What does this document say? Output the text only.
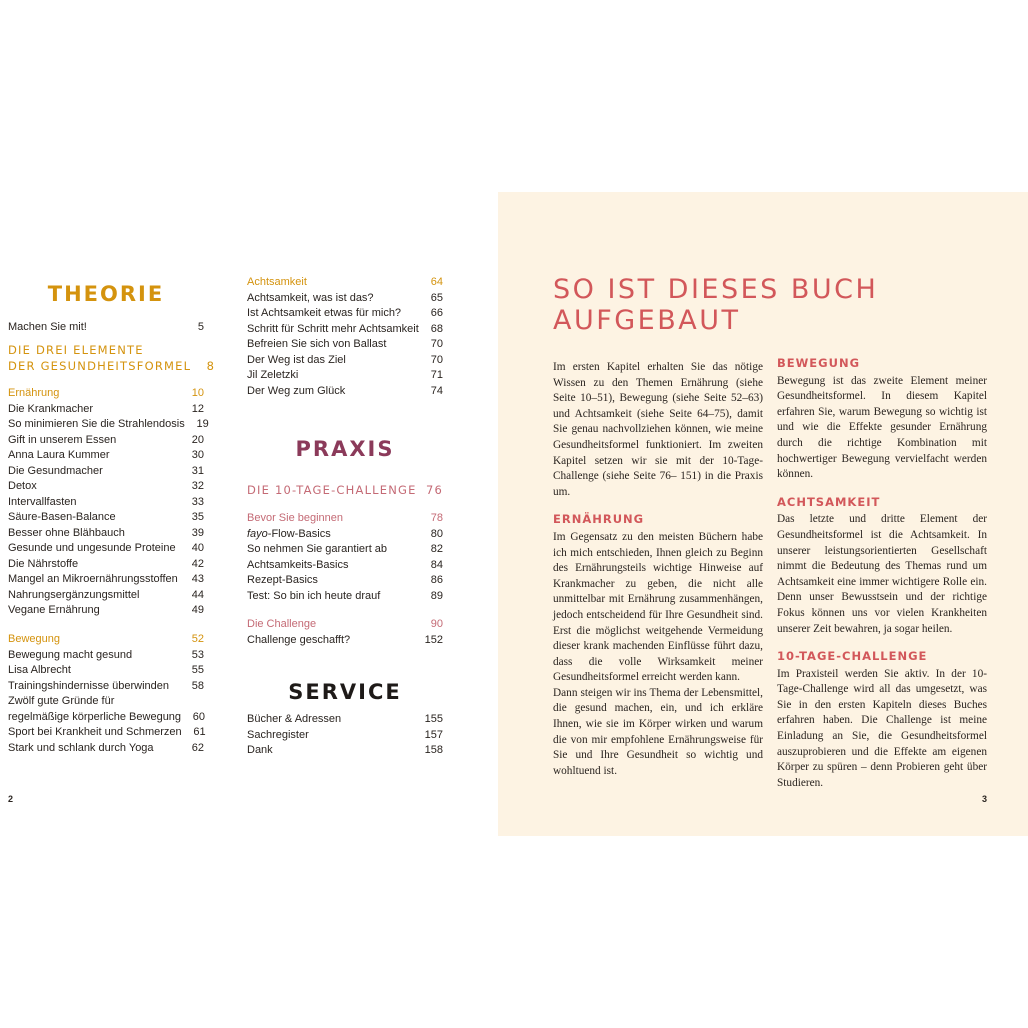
THEORIE
Machen Sie mit!	5
DIE DREI ELEMENTE
DER GESUNDHEITSFORMEL	8
Ernährung	10
Die Krankmacher	12
So minimieren Sie die Strahlendosis	19
Gift in unserem Essen	20
Anna Laura Kummer	30
Die Gesundmacher	31
Detox	32
Intervallfasten	33
Säure-Basen-Balance	35
Besser ohne Blähbauch	39
Gesunde und ungesunde Proteine	40
Die Nährstoffe	42
Mangel an Mikroernährungsstoffen	43
Nahrungsergänzungsmittel	44
Vegane Ernährung	49
Bewegung	52
Bewegung macht gesund	53
Lisa Albrecht	55
Trainingshindernisse überwinden	58
Zwölf gute Gründe für
regelmäßige körperliche Bewegung	60
Sport bei Krankheit und Schmerzen	61
Stark und schlank durch Yoga	62
Achtsamkeit	64
Achtsamkeit, was ist das?	65
Ist Achtsamkeit etwas für mich?	66
Schritt für Schritt mehr Achtsamkeit	68
Befreien Sie sich von Ballast	70
Der Weg ist das Ziel	70
Jil Zeletzki	71
Der Weg zum Glück	74
PRAXIS
DIE 10-TAGE-CHALLENGE 76
Bevor Sie beginnen	78
fayo-Flow-Basics	80
So nehmen Sie garantiert ab	82
Achtsamkeits-Basics	84
Rezept-Basics	86
Test: So bin ich heute drauf	89
Die Challenge	90
Challenge geschafft?	152
SERVICE
Bücher & Adressen	155
Sachregister	157
Dank	158
2
SO IST DIESES BUCH
AUFGEBAUT

Im ersten Kapitel erhalten Sie das nötige Wissen zu den Themen Ernährung (siehe Seite 10–51), Bewegung (siehe Seite 52–63) und Achtsamkeit (siehe Seite 64–75), damit Sie genau nachvollziehen können, wie meine Gesundheitsformel funktioniert. Im zweiten Kapitel setzen wir sie mit der 10-Tage-Challenge (siehe Seite 76– 151) in die Praxis um.

ERNÄHRUNG

Im Gegensatz zu den meisten Büchern habe ich mich entschieden, Ihnen gleich zu Beginn des Ernährungsteils wichtige Hinweise auf Krankmacher zu geben, die nicht alle unmittelbar mit Ernährung zusammenhängen, jedoch entscheidend für Ihre Gesundheit sind. Erst die möglichst weitgehende Vermeidung dieser krank machenden Einflüsse führt dazu, dass die volle Wirksamkeit meiner Gesundheitsformel erreicht werden kann.

Dann steigen wir ins Thema der Lebensmittel, die gesund machen, ein, und ich erkläre Ihnen, wie sie im Körper wirken und warum die von mir empfohlene Ernährungsweise für Sie und Ihre Gesundheit so wichtig und wohltuend ist.

BEWEGUNG

Bewegung ist das zweite Element meiner Gesundheitsformel. In diesem Kapitel erfahren Sie, warum Bewegung so wichtig ist und wie die Effekte gesunder Ernährung durch die richtige Kombination mit hochwertiger Bewegung vervielfacht werden können.

ACHTSAMKEIT

Das letzte und dritte Element der Gesundheitsformel ist die Achtsamkeit. In unserer leistungsorientierten Gesellschaft nimmt die Bedeutung des Themas rund um Achtsamkeit eine immer wichtigere Rolle ein. Denn unser Bewusstsein und der richtige Fokus können uns vor vielen Krankheiten unserer Zeit bewahren, ja sogar heilen.

10-TAGE-CHALLENGE

Im Praxisteil werden Sie aktiv. In der 10-Tage-Challenge wird all das umgesetzt, was Sie in den ersten Kapiteln dieses Buches erfahren haben. Die Challenge ist meine Einladung an Sie, die Gesundheitsformel auszuprobieren und die Effekte am eigenen Körper zu spüren – denn Probieren geht über Studieren.

3
